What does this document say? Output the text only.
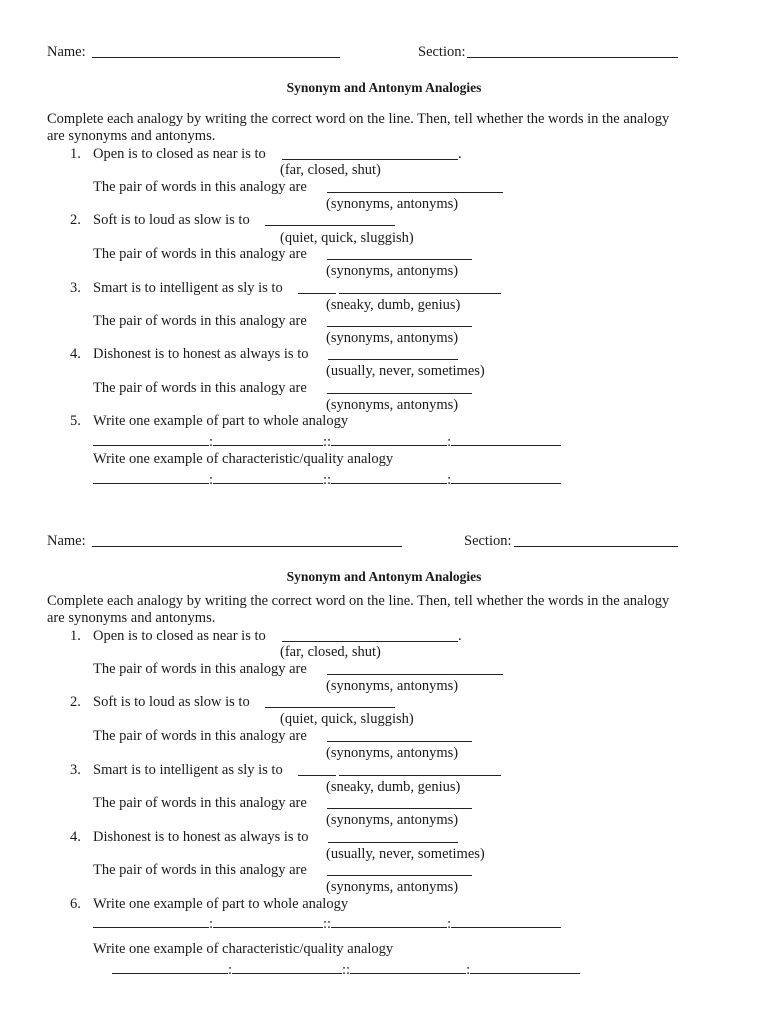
Name:	Section:
Synonym and Antonym Analogies
Complete each analogy by writing the correct word on the line. Then, tell whether the words in the analogy
are synonyms and antonyms.
1. Open is to closed as near is to	.
(far, closed, shut)
The pair of words in this analogy are
(synonyms, antonyms)
2. Soft is to loud as slow is to
(quiet, quick, sluggish)
The pair of words in this analogy are
(synonyms, antonyms)
3. Smart is to intelligent as sly is to
(sneaky, dumb, genius)
The pair of words in this analogy are
(synonyms, antonyms)
4. Dishonest is to honest as always is to
(usually, never, sometimes)
The pair of words in this analogy are
(synonyms, antonyms)
5. Write one example of part to whole analogy
:	::	:
Write one example of characteristic/quality analogy
:	::	:
Name:	Section:
Synonym and Antonym Analogies
Complete each analogy by writing the correct word on the line. Then, tell whether the words in the analogy
are synonyms and antonyms.
1. Open is to closed as near is to	.
(far, closed, shut)
The pair of words in this analogy are
(synonyms, antonyms)
2. Soft is to loud as slow is to
(quiet, quick, sluggish)
The pair of words in this analogy are
(synonyms, antonyms)
3. Smart is to intelligent as sly is to
(sneaky, dumb, genius)
The pair of words in this analogy are
(synonyms, antonyms)
4. Dishonest is to honest as always is to
(usually, never, sometimes)
The pair of words in this analogy are
(synonyms, antonyms)
6. Write one example of part to whole analogy
:	::	:
Write one example of characteristic/quality analogy
:	::	:
